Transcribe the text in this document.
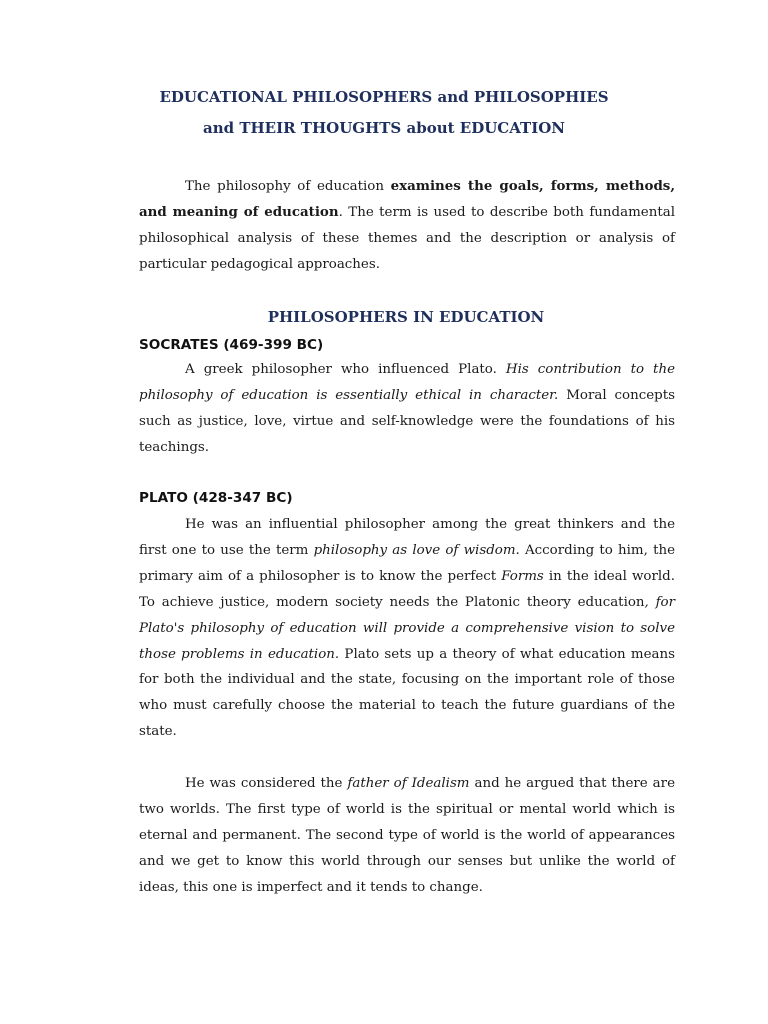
EDUCATIONAL PHILOSOPHERS and PHILOSOPHIES
and THEIR THOUGHTS about EDUCATION

The philosophy of education examines the goals, forms, methods, and meaning of education. The term is used to describe both fundamental philosophical analysis of these themes and the description or analysis of particular pedagogical approaches.

PHILOSOPHERS IN EDUCATION
SOCRATES (469-399 BC)

A greek philosopher who influenced Plato. His contribution to the philosophy of education is essentially ethical in character. Moral concepts such as justice, love, virtue and self-knowledge were the foundations of his teachings.

PLATO (428-347 BC)

He was an influential philosopher among the great thinkers and the first one to use the term philosophy as love of wisdom. According to him, the primary aim of a philosopher is to know the perfect Forms in the ideal world. To achieve justice, modern society needs the Platonic theory education, for Plato's philosophy of education will provide a comprehensive vision to solve those problems in education. Plato sets up a theory of what education means for both the individual and the state, focusing on the important role of those who must carefully choose the material to teach the future guardians of the state.

He was considered the father of Idealism and he argued that there are two worlds. The first type of world is the spiritual or mental world which is eternal and permanent. The second type of world is the world of appearances and we get to know this world through our senses but unlike the world of ideas, this one is imperfect and it tends to change.
